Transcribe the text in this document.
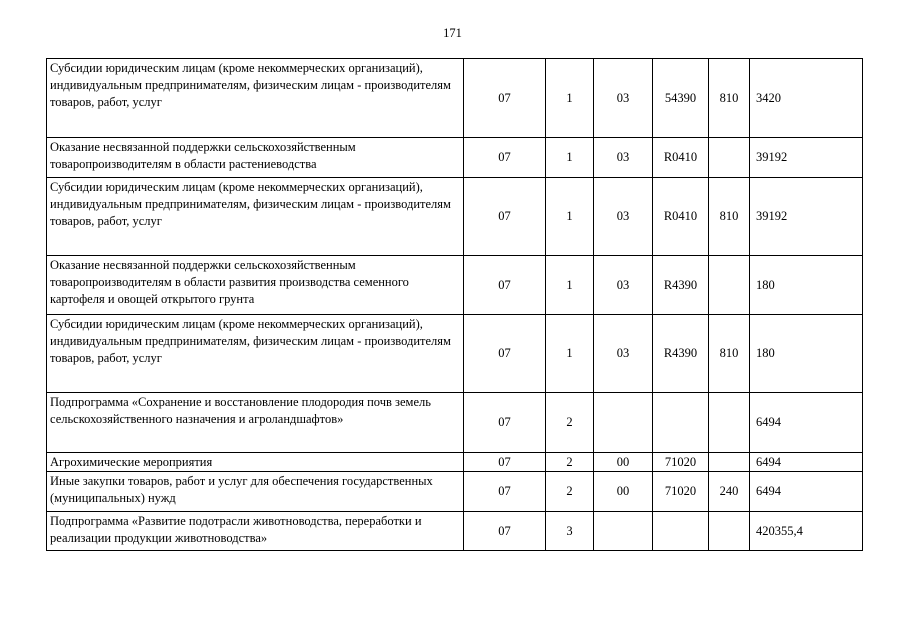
171
Субсидии юридическим лицам (кроме некоммерческих организаций), индивидуальным предпринимателям, физическим лицам - производителям товаров, работ, услуг	07	1	03	54390	810	3420
Оказание несвязанной поддержки сельскохозяйственным товаропроизводителям в области растениеводства	07	1	03	R0410		39192
Субсидии юридическим лицам (кроме некоммерческих организаций), индивидуальным предпринимателям, физическим лицам - производителям товаров, работ, услуг	07	1	03	R0410	810	39192
Оказание несвязанной поддержки сельскохозяйственным товаропроизводителям в области развития производства семенного картофеля и овощей открытого грунта	07	1	03	R4390		180
Субсидии юридическим лицам (кроме некоммерческих организаций), индивидуальным предпринимателям, физическим лицам - производителям товаров, работ, услуг	07	1	03	R4390	810	180
Подпрограмма «Сохранение и восстановление плодородия почв земель сельскохозяйственного назначения и агроландшафтов»	07	2				6494
Агрохимические мероприятия	07	2	00	71020		6494
Иные закупки товаров, работ и услуг для обеспечения государственных (муниципальных) нужд	07	2	00	71020	240	6494
Подпрограмма «Развитие подотрасли животноводства, переработки и реализации продукции животноводства»	07	3				420355,4
